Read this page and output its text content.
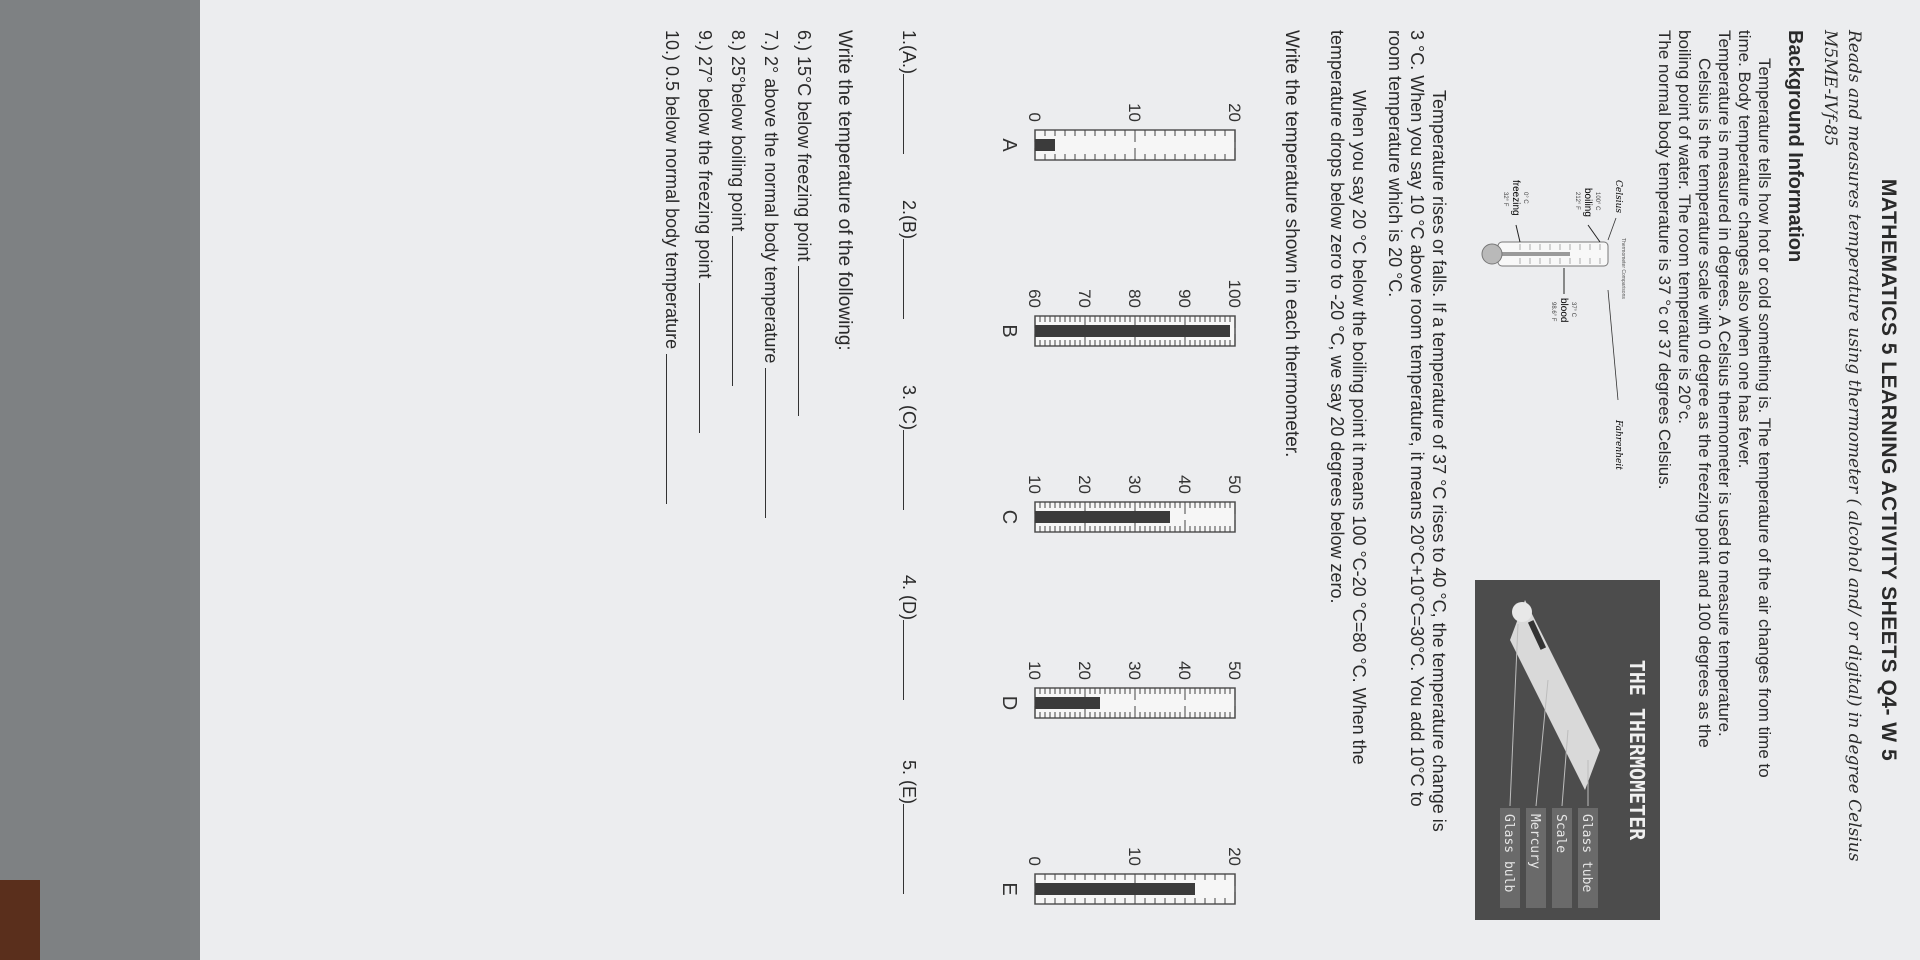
MATHEMATICS 5 LEARNING ACTIVITY SHEETS Q4- W 5
Reads and measures temperature using thermometer ( alcohol and/ or digital) in degree Celsius M5ME-IVf-85
Background Information
Temperature tells how hot or cold something is. The temperature of the air changes from time to
time. Body temperature changes also when one has fever.
Temperature is measured in degrees. A Celsius thermometer is used to measure temperature.
Celsius is the temperature scale with 0 degree as the freezing point and 100 degrees as the
boiling point of water. The room temperature is 20°c.
The normal body temperature is 37 °c or 37 degrees Celsius.
Celsius
Thermometer Comparisons
Fahrenheit
100° C
boiling
212° F
37° C
blood
98.6° F
0° C
freezing
32° F
THE THERMOMETER
Glass tube
Scale
Mercury
Glass bulb
Temperature rises or falls. If a temperature of 37 °C rises to 40 °C, the temperature change is
3 °C. When you say 10 °C above room temperature, it means 20°C+10°C=30°C. You add 10°C to
room temperature which is 20 °C.
When you say 20 °C below the boiling point it means 100 °C-20 °C=80 °C. When the
temperature drops below zero to -20 °C, we say 20 degrees below zero.
Write the temperature shown in each thermometer.
20
10
0
A
100
90
80
70
60
B
50
40
30
20
10
C
50
40
30
20
10
D
20
10
0
E
1.(A.)
2.(B)
3. (C)
4. (D)
5. (E)
Write the temperature of the following:
6.) 15°C below freezing point
7.) 2° above the normal body temperature
8.) 25°below boiling point
9.) 27° below the freezing point
10.) 0.5 below normal body temperature
